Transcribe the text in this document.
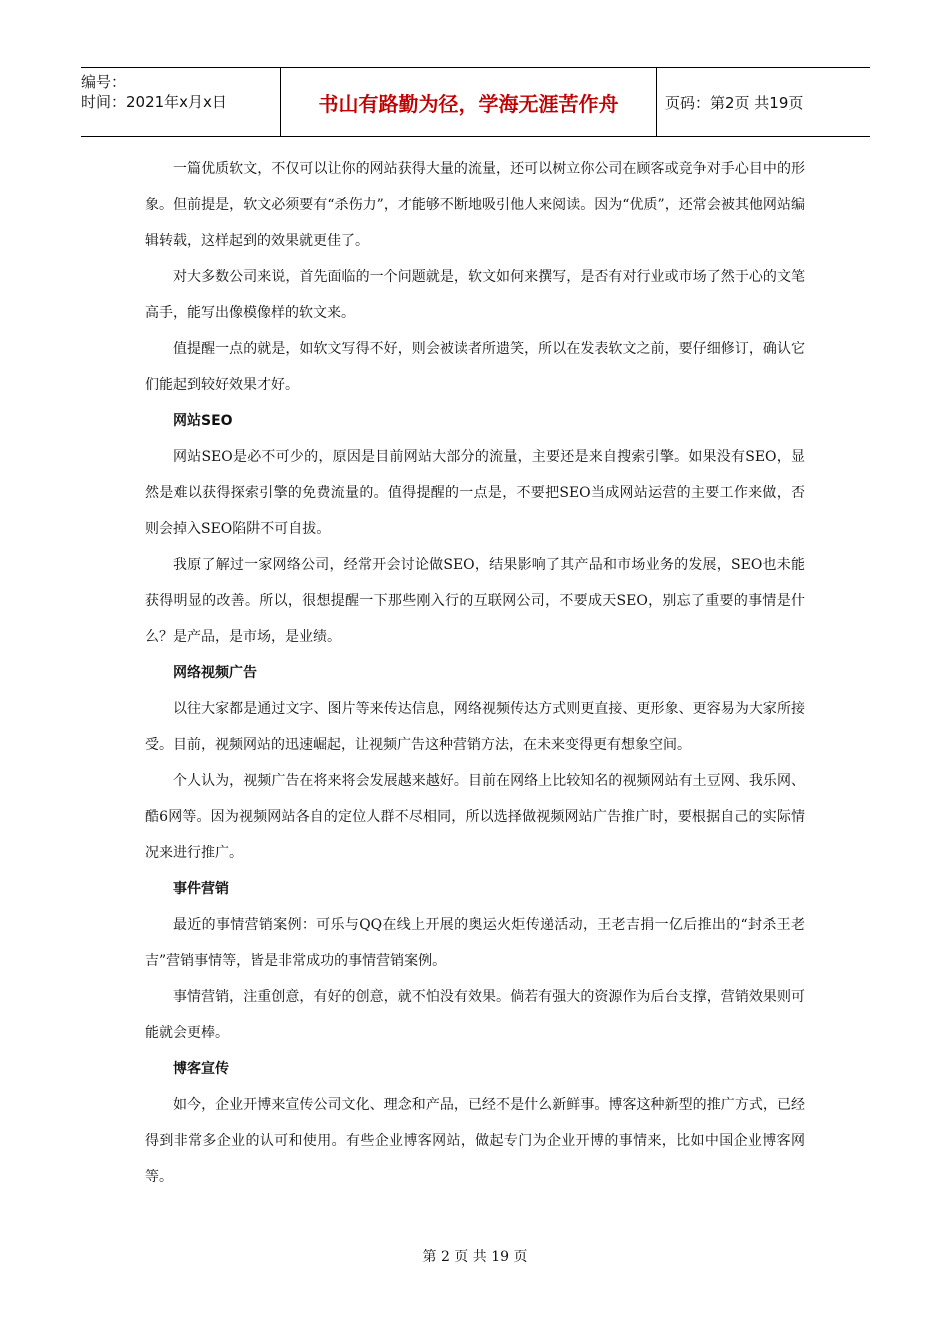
编号：
时间：2021年x月x日	书山有路勤为径，学海无涯苦作舟	页码：第2页 共19页

一篇优质软文，不仅可以让你的网站获得大量的流量，还可以树立你公司在顾客或竞争对手心目中的形象。但前提是，软文必须要有“杀伤力”，才能够不断地吸引他人来阅读。因为“优质”，还常会被其他网站编辑转载，这样起到的效果就更佳了。

对大多数公司来说，首先面临的一个问题就是，软文如何来撰写，是否有对行业或市场了然于心的文笔高手，能写出像模像样的软文来。

值提醒一点的就是，如软文写得不好，则会被读者所遗笑，所以在发表软文之前，要仔细修订，确认它们能起到较好效果才好。

网站SEO

网站SEO是必不可少的，原因是目前网站大部分的流量，主要还是来自搜索引擎。如果没有SEO，显然是难以获得探索引擎的免费流量的。值得提醒的一点是，不要把SEO当成网站运营的主要工作来做，否则会掉入SEO陷阱不可自拔。

我原了解过一家网络公司，经常开会讨论做SEO，结果影响了其产品和市场业务的发展，SEO也未能获得明显的改善。所以，很想提醒一下那些刚入行的互联网公司，不要成天SEO，别忘了重要的事情是什么？是产品，是市场，是业绩。

网络视频广告

以往大家都是通过文字、图片等来传达信息，网络视频传达方式则更直接、更形象、更容易为大家所接受。目前，视频网站的迅速崛起，让视频广告这种营销方法，在未来变得更有想象空间。

个人认为，视频广告在将来将会发展越来越好。目前在网络上比较知名的视频网站有土豆网、我乐网、酷6网等。因为视频网站各自的定位人群不尽相同，所以选择做视频网站广告推广时，要根据自己的实际情况来进行推广。

事件营销

最近的事情营销案例：可乐与QQ在线上开展的奥运火炬传递活动，王老吉捐一亿后推出的“封杀王老吉”营销事情等，皆是非常成功的事情营销案例。

事情营销，注重创意，有好的创意，就不怕没有效果。倘若有强大的资源作为后台支撑，营销效果则可能就会更棒。

博客宣传

如今，企业开博来宣传公司文化、理念和产品，已经不是什么新鲜事。博客这种新型的推广方式，已经得到非常多企业的认可和使用。有些企业博客网站，做起专门为企业开博的事情来，比如中国企业博客网等。

第 2 页 共 19 页
